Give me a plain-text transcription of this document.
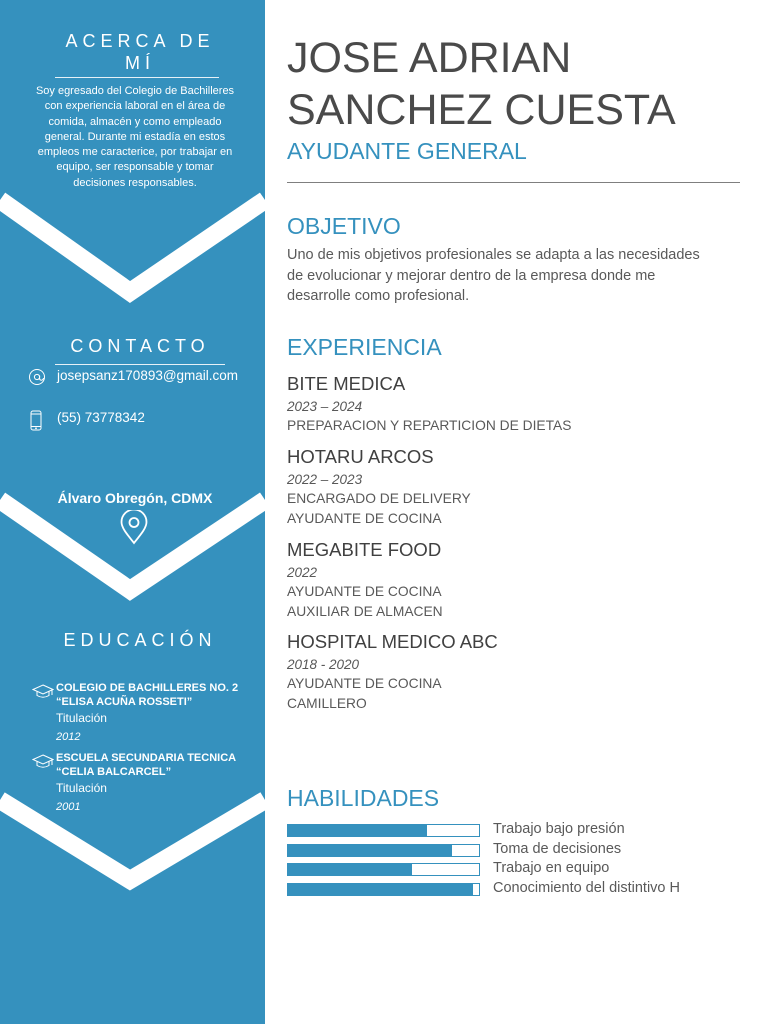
ACERCA DE MÍ
Soy egresado del Colegio de Bachilleres con experiencia laboral en el área de comida, almacén y como empleado general. Durante mi estadía en estos empleos me caracterice, por trabajar en equipo, ser responsable y tomar decisiones responsables.
CONTACTO
josepsanz170893@gmail.com
(55) 73778342
Álvaro Obregón, CDMX
EDUCACIÓN
COLEGIO DE BACHILLERES NO. 2 “ELISA ACUÑA ROSSETI”
Titulación
2012
ESCUELA SECUNDARIA TECNICA “CELIA BALCARCEL”
Titulación
2001
JOSE ADRIAN SANCHEZ CUESTA
AYUDANTE GENERAL
OBJETIVO
Uno de mis objetivos profesionales se adapta a las necesidades de evolucionar y mejorar dentro de la empresa donde me desarrolle como profesional.
EXPERIENCIA
BITE MEDICA
2023 – 2024
PREPARACION Y REPARTICION DE DIETAS
HOTARU ARCOS
2022 – 2023
ENCARGADO DE DELIVERY
AYUDANTE DE COCINA
MEGABITE FOOD
2022
AYUDANTE DE COCINA
AUXILIAR DE ALMACEN
HOSPITAL MEDICO ABC
2018 - 2020
AYUDANTE DE COCINA
CAMILLERO
HABILIDADES
Trabajo bajo presión
Toma de decisiones
Trabajo en equipo
Conocimiento del distintivo H
